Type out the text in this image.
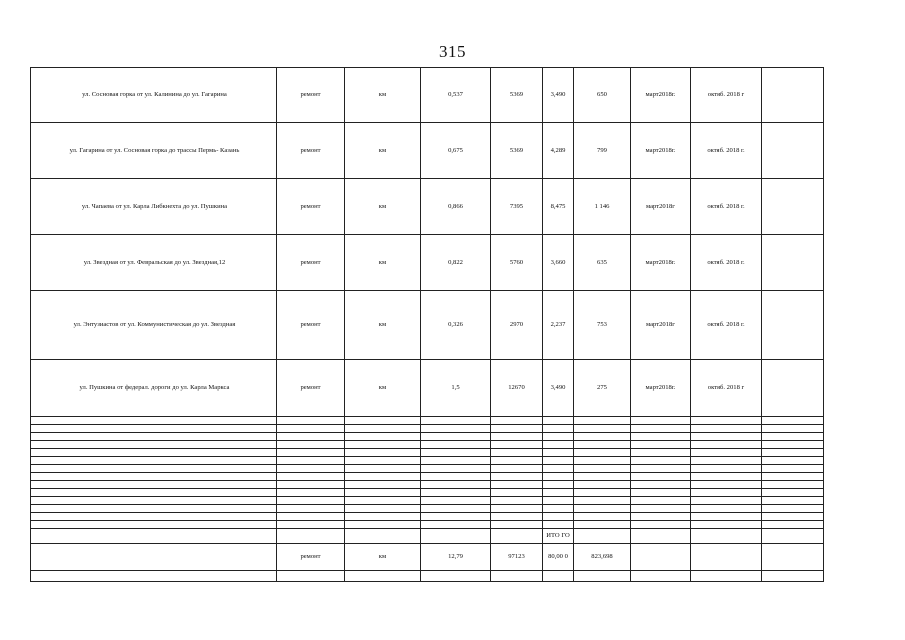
315
ул. Сосновая горка от ул. Калинина до ул. Гагарина	ремонт	км	0,537	5369	3,490	650	март2018г.	октяб. 2018 г	
ул. Гагарина от ул. Сосновая горка до трассы Пермь- Казань	ремонт	км	0,675	5369	4,289	799	март2018г.	октяб. 2018 г.	
ул. Чапаева от ул. Карла Либкнехта до ул. Пушкина	ремонт	км	0,866	7395	8,475	1 146	март2018г	октяб. 2018 г.	
ул. Звездная от ул. Февральская до ул. Звездная,12	ремонт	км	0,822	5760	3,660	635	март2018г.	октяб. 2018 г.	
ул. Энтузиастов от ул. Коммунистическая до ул. Звездная	ремонт	км	0,326	2970	2,237	753	март2018г	октяб. 2018 г.	
ул. Пушкина от федерал. дороги до ул. Карла Маркса	ремонт	км	1,5	12670	3,490	275	март2018г.	октяб. 2018 г	

					ИТО ГО				
	ремонт	км	12,79	97123	80,00 0	823,698			
